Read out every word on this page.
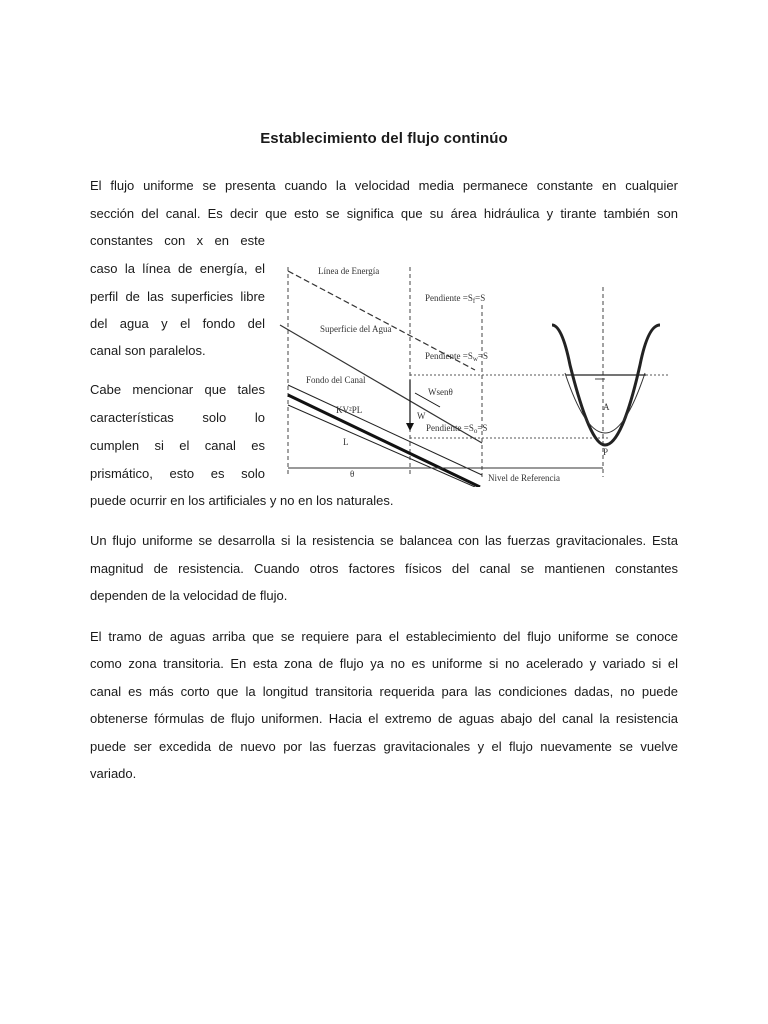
Establecimiento del flujo continúo
El flujo uniforme se presenta cuando la velocidad media permanece constante en cualquier
sección del canal. Es decir que esto se significa que su área hidráulica y tirante también son
constantes con x en este
caso la línea de energía, el
perfil de las superficies libre
del agua y el fondo del
canal son paralelos.
Cabe mencionar que tales
características solo lo
cumplen si el canal es
prismático, esto es solo
puede ocurrir en los artificiales y no en los naturales.
Línea de Energía
Pendiente $=S_f=S$
Superficie del Agua
Pendiente $=S_w=S$
Fondo del Canal
Wsenθ
KV²PL
W
Pendiente $=S_o=S$
L
θ	Nivel de Referencia
A
P
Un flujo uniforme se desarrolla si la resistencia se balancea con las fuerzas gravitacionales. Esta
magnitud de resistencia. Cuando otros factores físicos del canal se mantienen constantes
dependen de la velocidad de flujo.
El tramo de aguas arriba que se requiere para el establecimiento del flujo uniforme se conoce
como zona transitoria. En esta zona de flujo ya no es uniforme si no acelerado y variado si el
canal es más corto que la longitud transitoria requerida para las condiciones dadas, no puede
obtenerse fórmulas de flujo uniformen. Hacia el extremo de aguas abajo del canal la resistencia
puede ser excedida de nuevo por las fuerzas gravitacionales y el flujo nuevamente se vuelve
variado.
